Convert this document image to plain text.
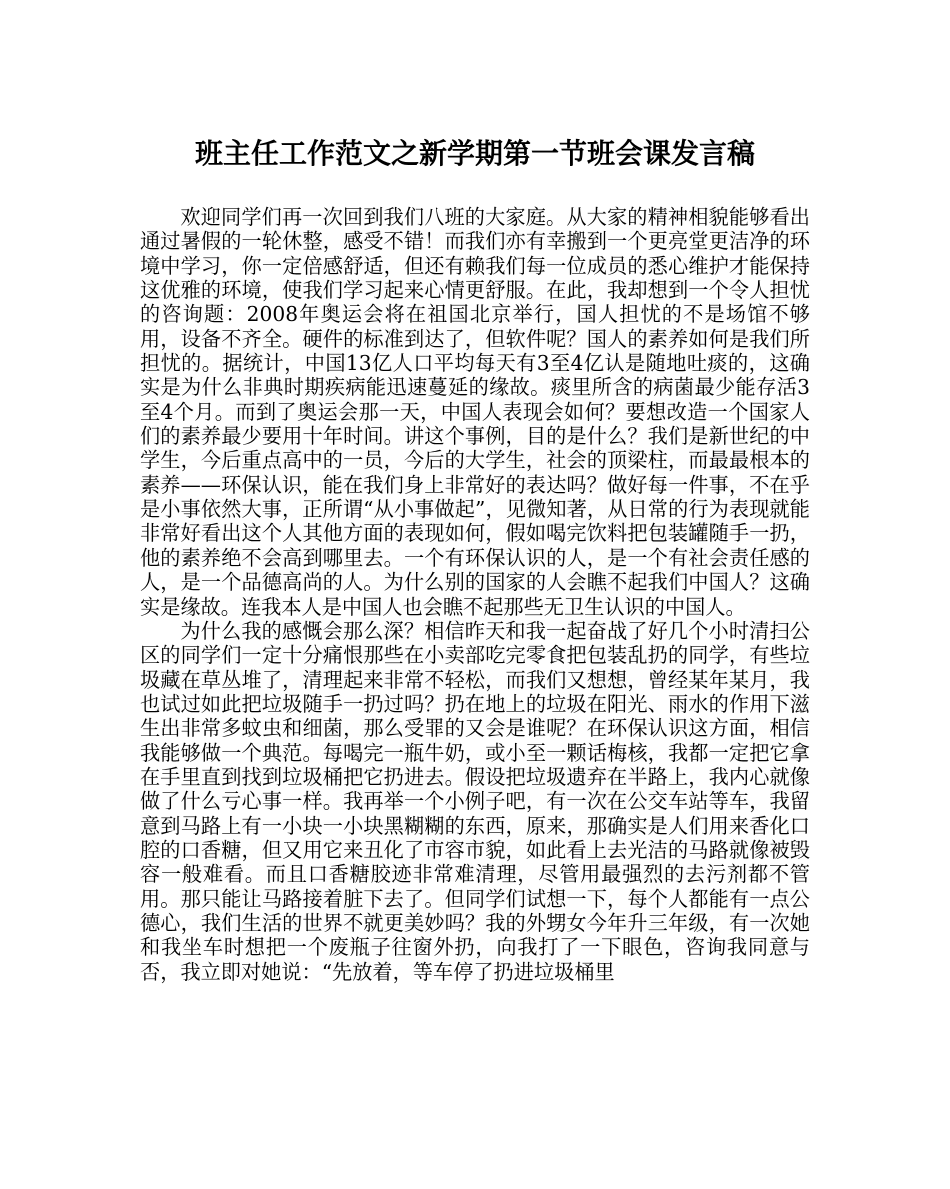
班主任工作范文之新学期第一节班会课发言稿

欢迎同学们再一次回到我们八班的大家庭。从大家的精神相貌能够看出通过暑假的一轮休整，感受不错！而我们亦有幸搬到一个更亮堂更洁净的环境中学习，你一定倍感舒适，但还有赖我们每一位成员的悉心维护才能保持这优雅的环境，使我们学习起来心情更舒服。在此，我却想到一个令人担忧的咨询题：2008年奥运会将在祖国北京举行，国人担忧的不是场馆不够用，设备不齐全。硬件的标准到达了，但软件呢？国人的素养如何是我们所担忧的。据统计，中国13亿人口平均每天有3至4亿认是随地吐痰的，这确实是为什么非典时期疾病能迅速蔓延的缘故。痰里所含的病菌最少能存活3至4个月。而到了奥运会那一天，中国人表现会如何？要想改造一个国家人们的素养最少要用十年时间。讲这个事例，目的是什么？我们是新世纪的中学生，今后重点高中的一员，今后的大学生，社会的顶梁柱，而最最根本的素养——环保认识，能在我们身上非常好的表达吗？做好每一件事，不在乎是小事依然大事，正所谓“从小事做起”，见微知著，从日常的行为表现就能非常好看出这个人其他方面的表现如何，假如喝完饮料把包装罐随手一扔，他的素养绝不会高到哪里去。一个有环保认识的人，是一个有社会责任感的人，是一个品德高尚的人。为什么别的国家的人会瞧不起我们中国人？这确实是缘故。连我本人是中国人也会瞧不起那些无卫生认识的中国人。

为什么我的感慨会那么深？相信昨天和我一起奋战了好几个小时清扫公区的同学们一定十分痛恨那些在小卖部吃完零食把包装乱扔的同学，有些垃圾藏在草丛堆了，清理起来非常不轻松，而我们又想想，曾经某年某月，我也试过如此把垃圾随手一扔过吗？扔在地上的垃圾在阳光、雨水的作用下滋生出非常多蚊虫和细菌，那么受罪的又会是谁呢？在环保认识这方面，相信我能够做一个典范。每喝完一瓶牛奶，或小至一颗话梅核，我都一定把它拿在手里直到找到垃圾桶把它扔进去。假设把垃圾遗弃在半路上，我内心就像做了什么亏心事一样。我再举一个小例子吧，有一次在公交车站等车，我留意到马路上有一小块一小块黑糊糊的东西，原来，那确实是人们用来香化口腔的口香糖，但又用它来丑化了市容市貌，如此看上去光洁的马路就像被毁容一般难看。而且口香糖胶迹非常难清理，尽管用最强烈的去污剂都不管用。那只能让马路接着脏下去了。但同学们试想一下，每个人都能有一点公德心，我们生活的世界不就更美妙吗？我的外甥女今年升三年级，有一次她和我坐车时想把一个废瓶子往窗外扔，向我打了一下眼色，咨询我同意与否，我立即对她说：“先放着，等车停了扔进垃圾桶里
